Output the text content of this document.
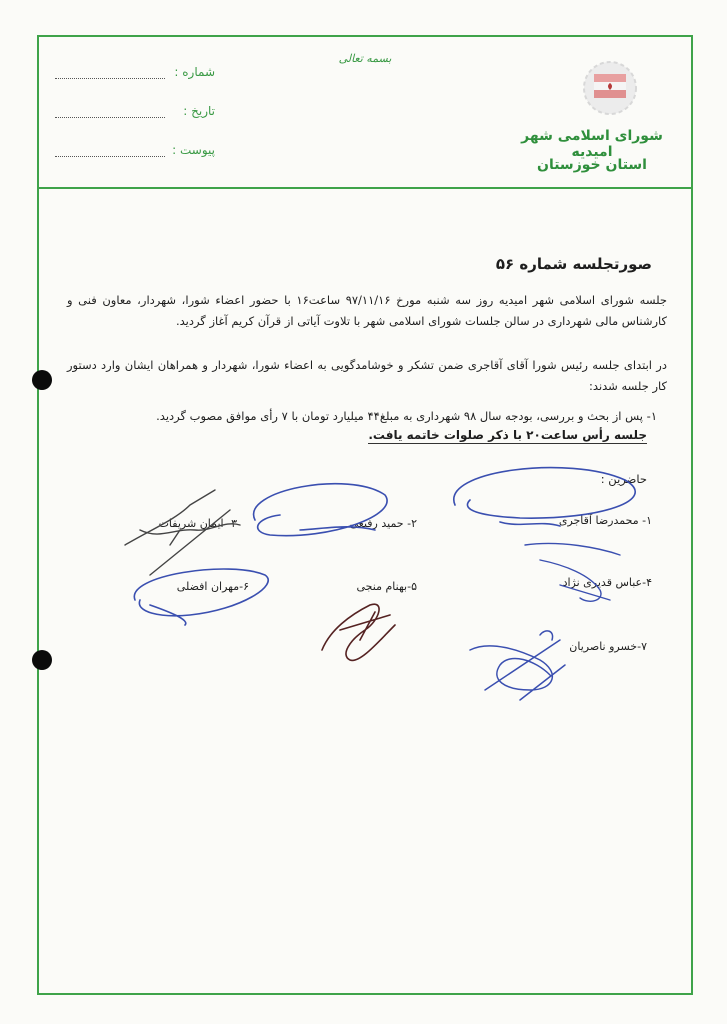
بسمه تعالی
شماره :
تاریخ :
پیوست :
شورای اسلامی شهر امیدیه
استان خوزستان
صورتجلسه شماره ۵۶
جلسه شورای اسلامی شهر امیدیه روز سه شنبه مورخ ۹۷/۱۱/۱۶ ساعت۱۶ با حضور اعضاء شورا، شهردار، معاون فنی و کارشناس مالی شهرداری در سالن جلسات شورای اسلامی شهر با تلاوت آیاتی از قرآن کریم آغاز گردید.
در ابتدای جلسه رئیس شورا آقای آقاجری ضمن تشکر و خوشامدگویی به اعضاء شورا، شهردار و همراهان ایشان وارد دستور کار جلسه شدند:
۱- پس از بحث و بررسی، بودجه سال ۹۸ شهرداری به مبلغ۴۴ میلیارد تومان با ۷ رأی موافق مصوب گردید.
جلسه رأس ساعت۲۰ با ذکر صلوات خاتمه یافت.
حاضرین :
۱- محمدرضا آقاجری
۲- حمید رفیعی
۳- ایمان شریفات
۴-عباس قدیری نژاد
۵-بهنام منجی
۶-مهران افضلی
۷-خسرو ناصریان
